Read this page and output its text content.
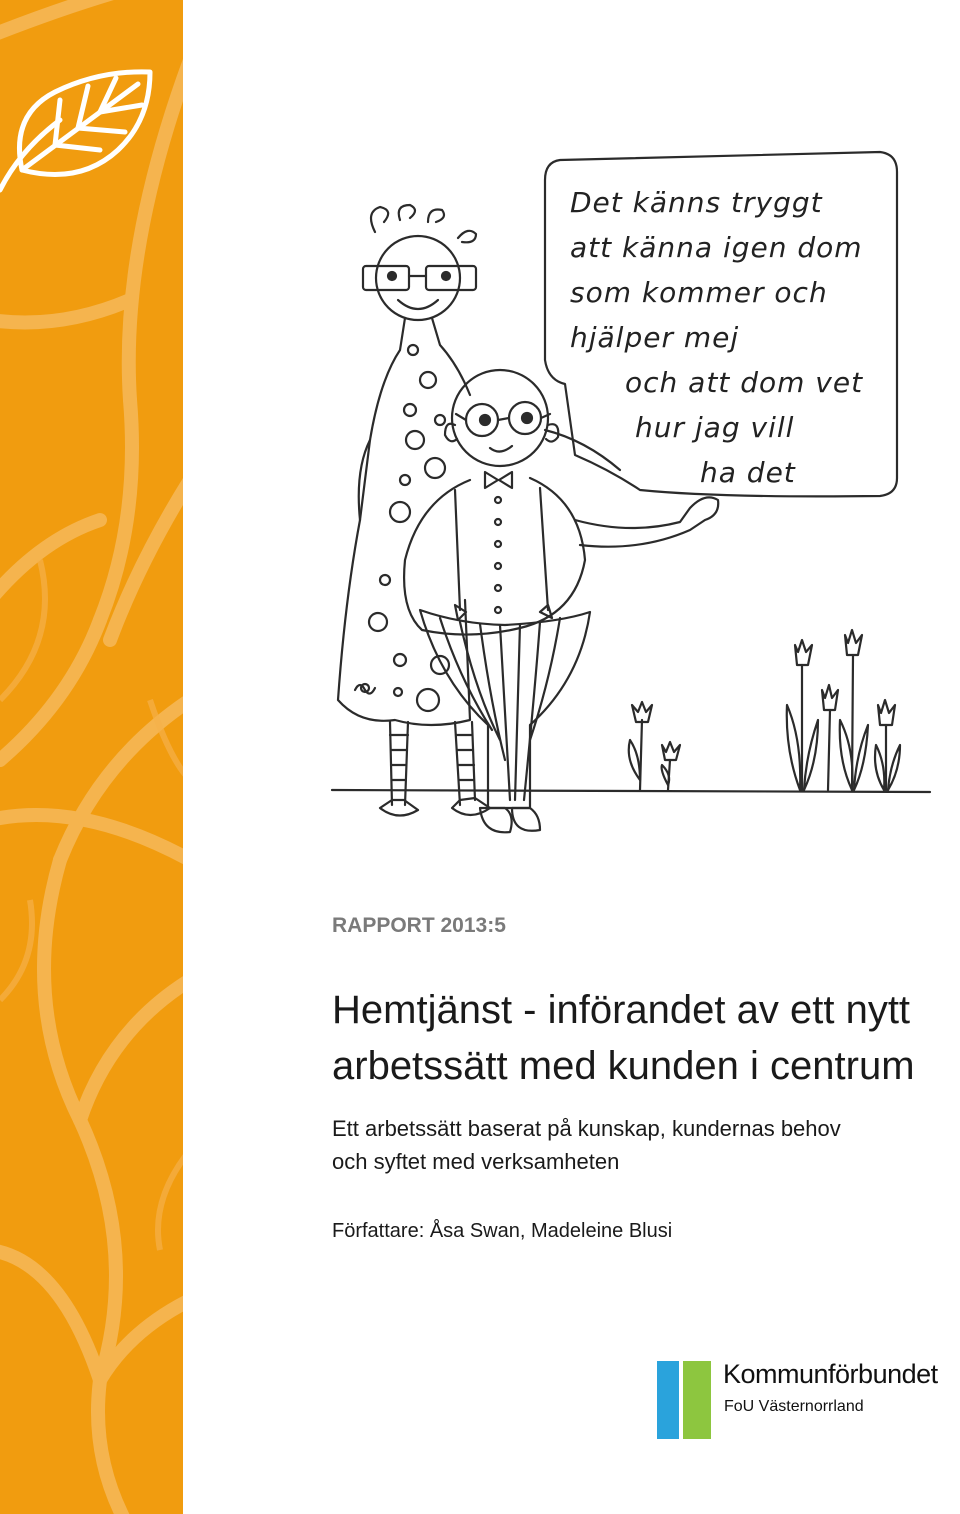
Det känns tryggt
att känna igen dom
som kommer och
hjälper mej
och att dom vet
hur jag vill
ha det
RAPPORT 2013:5
Hemtjänst - införandet av ett nytt
arbetssätt med kunden i centrum
Ett arbetssätt baserat på kunskap, kundernas behov
och syftet med verksamheten
Författare: Åsa Swan, Madeleine Blusi
Kommunförbundet
FoU Västernorrland
